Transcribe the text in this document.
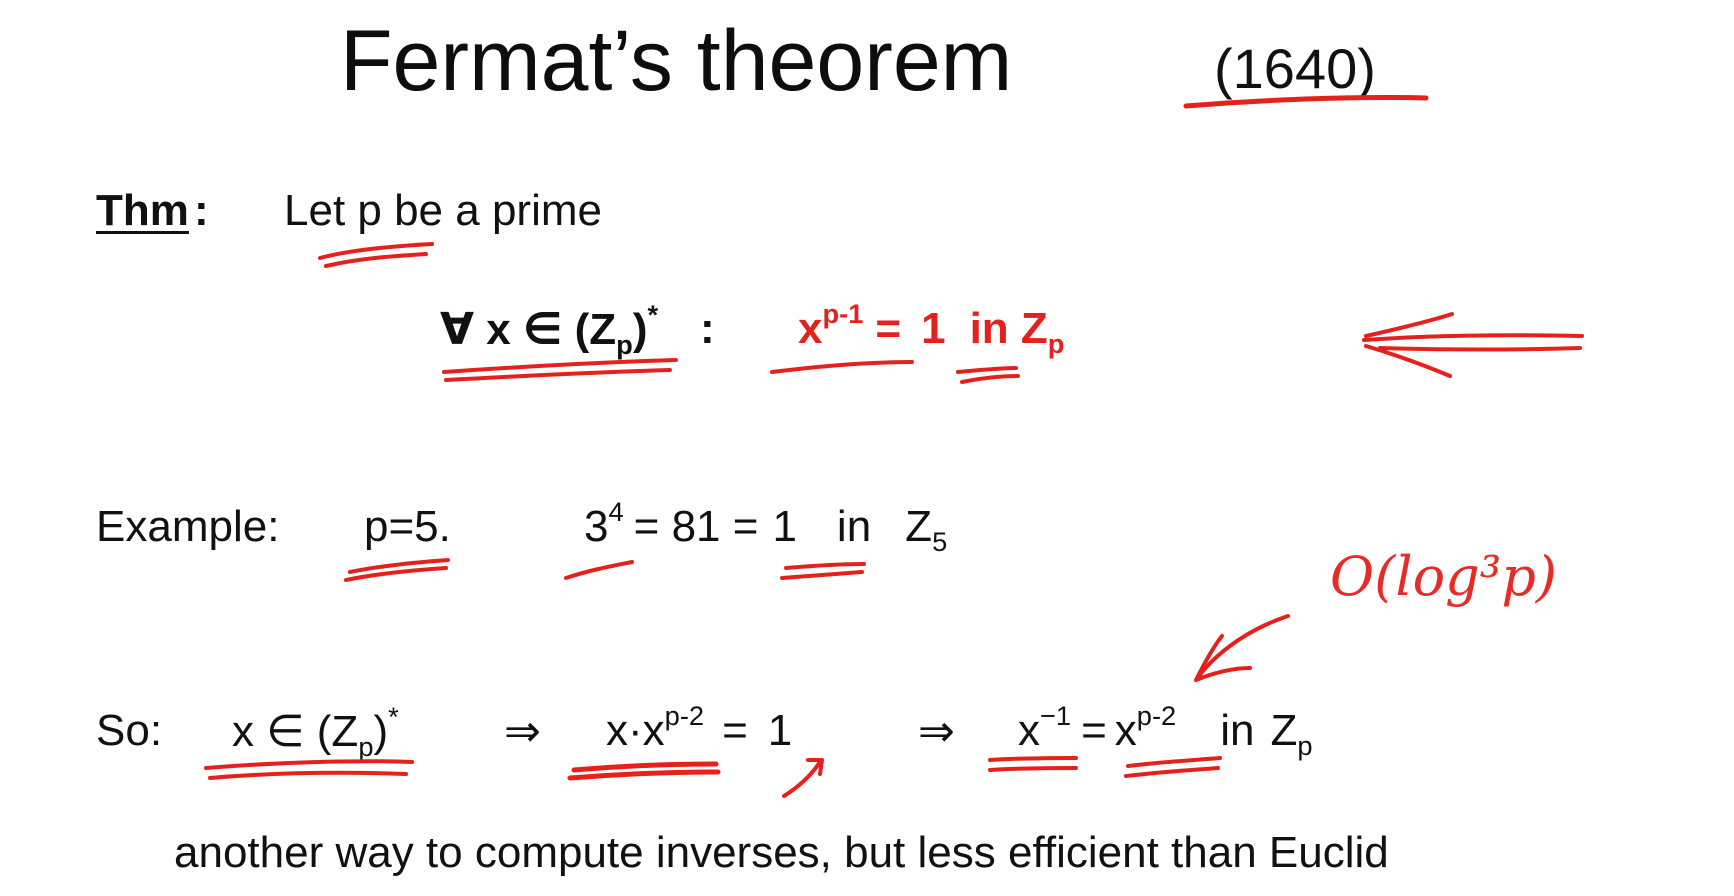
Fermat’s theorem	(1640)
Thm : Let p be a prime
∀ x ∈ $(Z_p)^*$ : $x^{p-1} = 1$ in $Z_p$
Example: p=5.	$3^4 = 81 = 1$ in $Z_5$
So: x ∈ $(Z_p)^*$ ⇒ $x\cdot x^{p-2} = 1$	⇒ $x^{-1} = x^{p-2}$ in $Z_p$
O(log³p)
another way to compute inverses, but less efficient than Euclid
